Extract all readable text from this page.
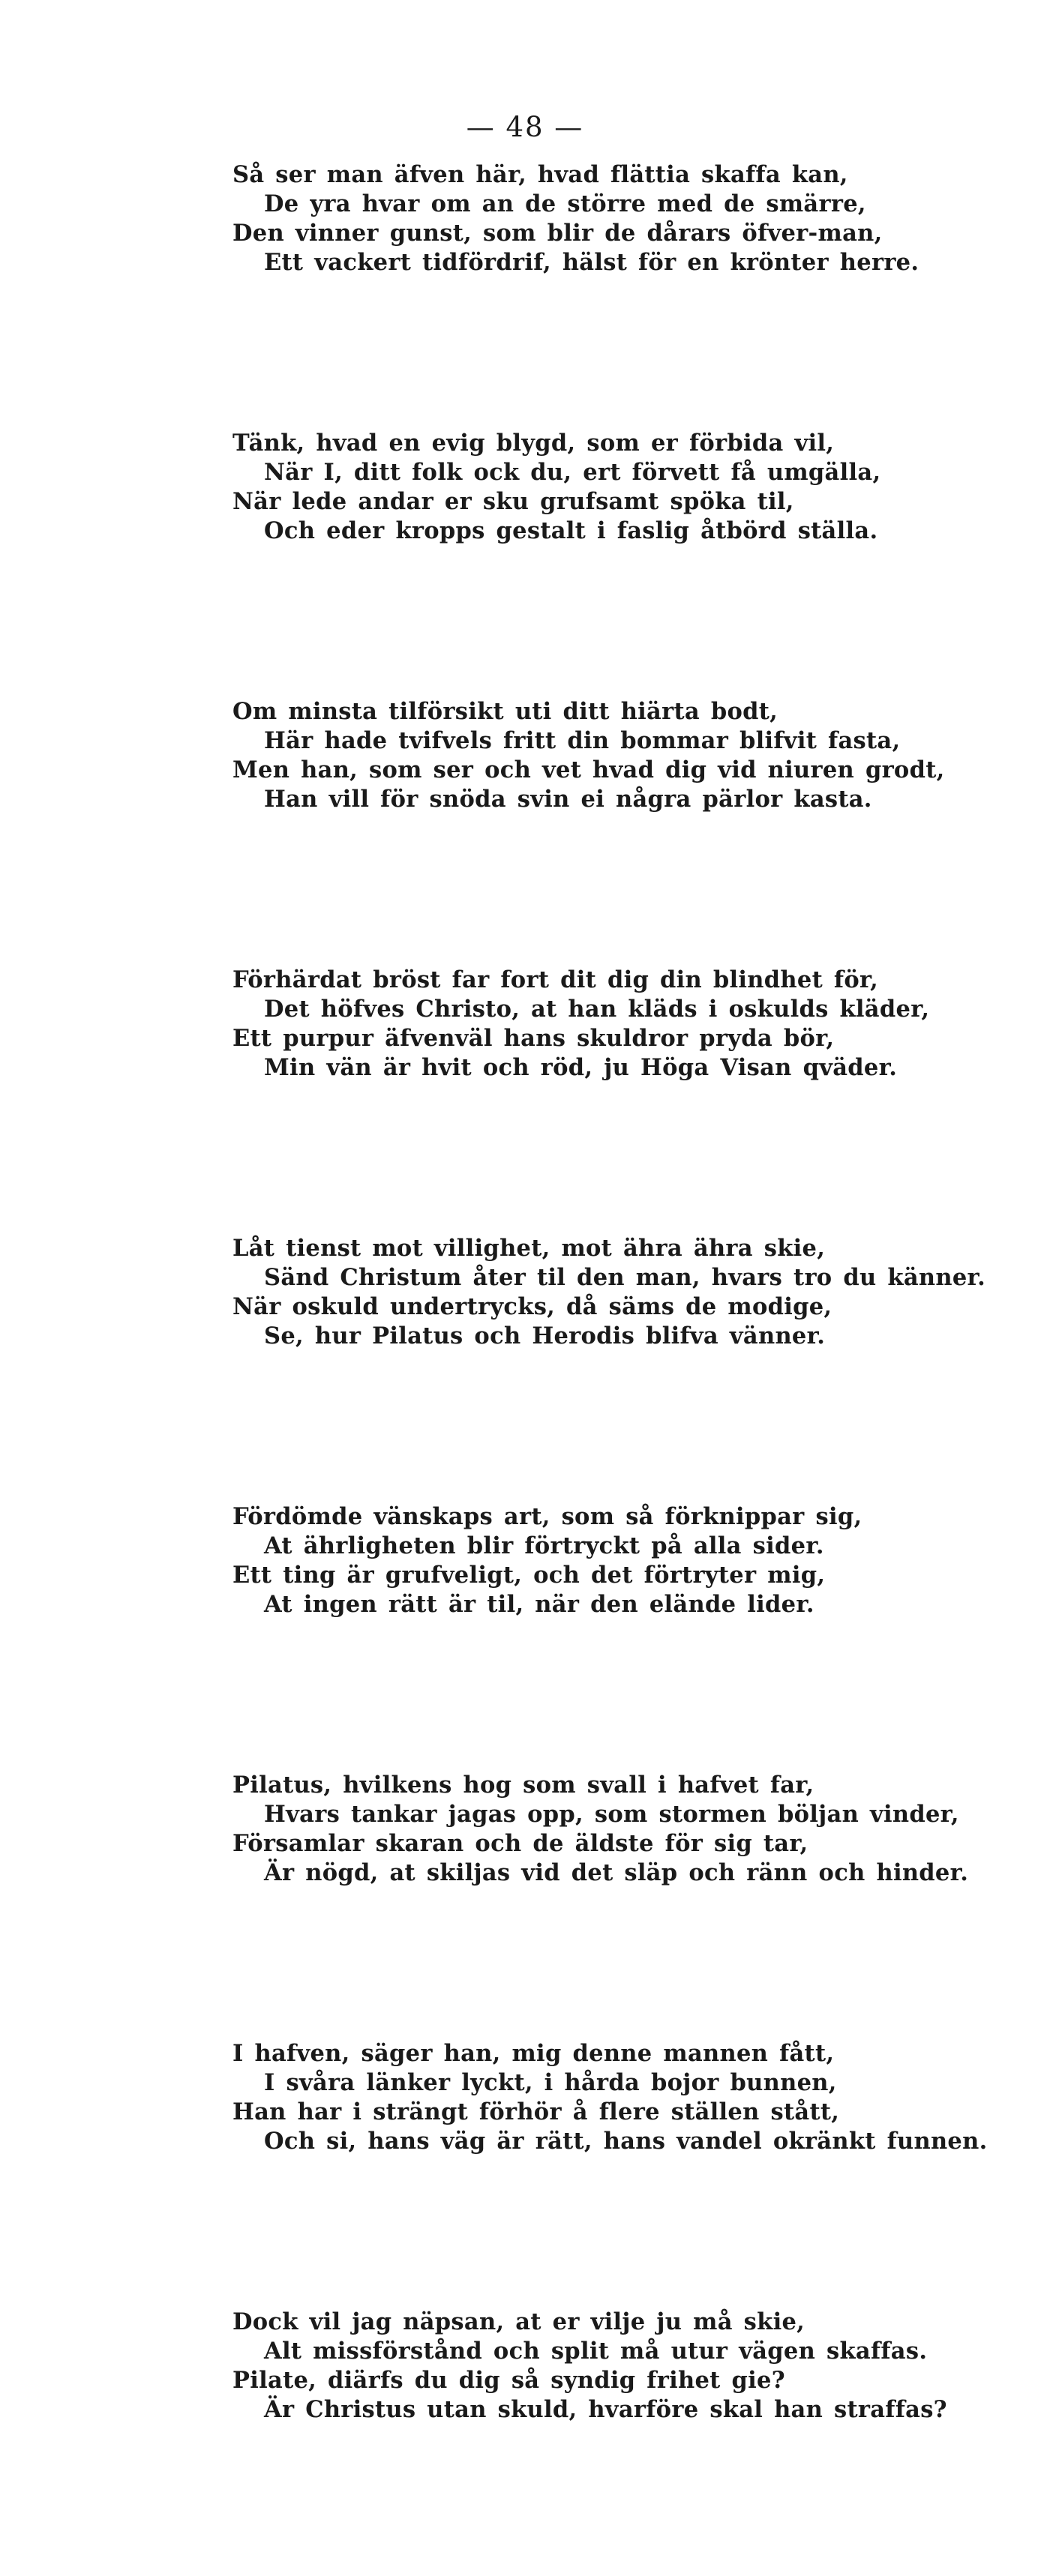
— 48 —
Så ser man äfven här, hvad flättia skaffa kan,
De yra hvar om an de större med de smärre,
Den vinner gunst, som blir de dårars öfver-man,
Ett vackert tidfördrif, hälst för en krönter herre.
Tänk, hvad en evig blygd, som er förbida vil,
När I, ditt folk ock du, ert förvett få umgälla,
När lede andar er sku grufsamt spöka til,
Och eder kropps gestalt i faslig åtbörd ställa.
Om minsta tilförsikt uti ditt hiärta bodt,
Här hade tvifvels fritt din bommar blifvit fasta,
Men han, som ser och vet hvad dig vid niuren grodt,
Han vill för snöda svin ei några pärlor kasta.
Förhärdat bröst far fort dit dig din blindhet för,
Det höfves Christo, at han kläds i oskulds kläder,
Ett purpur äfvenväl hans skuldror pryda bör,
Min vän är hvit och röd, ju Höga Visan qväder.
Låt tienst mot villighet, mot ähra ähra skie,
Sänd Christum åter til den man, hvars tro du känner.
När oskuld undertrycks, då säms de modige,
Se, hur Pilatus och Herodis blifva vänner.
Fördömde vänskaps art, som så förknippar sig,
At ährligheten blir förtryckt på alla sider.
Ett ting är grufveligt, och det förtryter mig,
At ingen rätt är til, när den elände lider.
Pilatus, hvilkens hog som svall i hafvet far,
Hvars tankar jagas opp, som stormen böljan vinder,
Församlar skaran och de äldste för sig tar,
Är nögd, at skiljas vid det släp och ränn och hinder.
I hafven, säger han, mig denne mannen fått,
I svåra länker lyckt, i hårda bojor bunnen,
Han har i strängt förhör å flere ställen stått,
Och si, hans väg är rätt, hans vandel okränkt funnen.
Dock vil jag näpsan, at er vilje ju må skie,
Alt missförstånd och split må utur vägen skaffas.
Pilate, diärfs du dig så syndig frihet gie?
Är Christus utan skuld, hvarföre skal han straffas?
